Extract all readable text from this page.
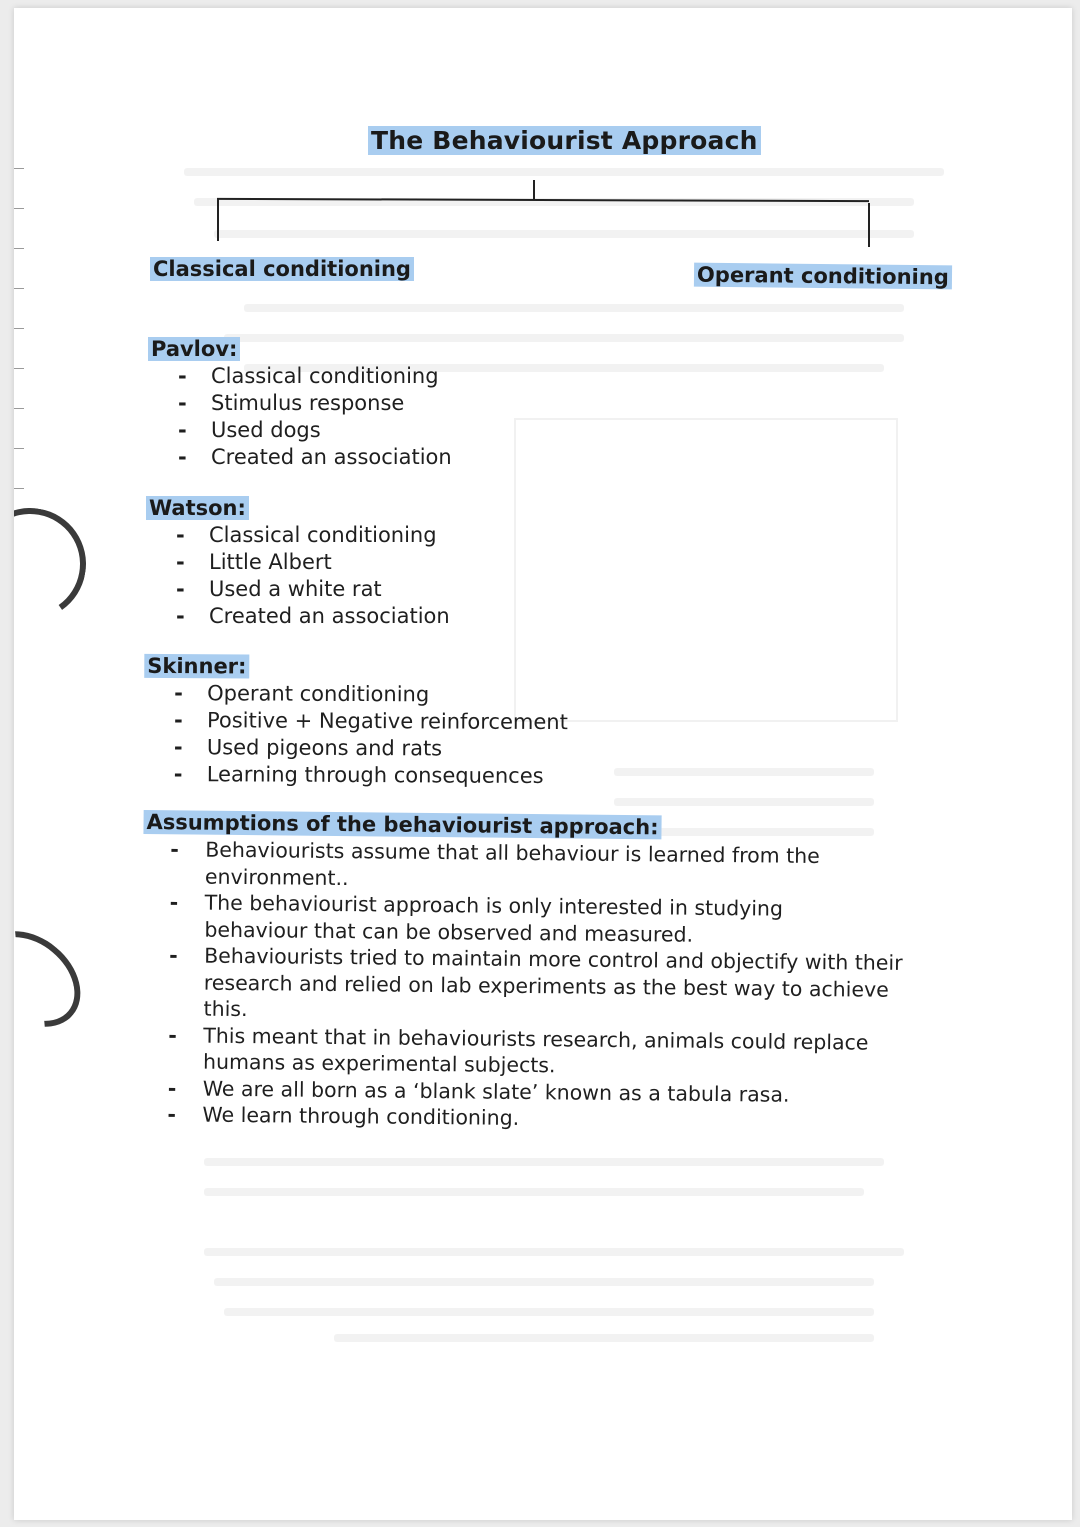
The Behaviourist Approach
Classical conditioning	Operant conditioning
Pavlov:
- Classical conditioning
- Stimulus response
- Used dogs
- Created an association
Watson:
- Classical conditioning
- Little Albert
- Used a white rat
- Created an association
Skinner:
- Operant conditioning
- Positive + Negative reinforcement
- Used pigeons and rats
- Learning through consequences
Assumptions of the behaviourist approach:
- Behaviourists assume that all behaviour is learned from the environment..
- The behaviourist approach is only interested in studying behaviour that can be observed and measured.
- Behaviourists tried to maintain more control and objectify with their research and relied on lab experiments as the best way to achieve this.
- This meant that in behaviourists research, animals could replace humans as experimental subjects.
- We are all born as a ‘blank slate’ known as a tabula rasa.
- We learn through conditioning.
